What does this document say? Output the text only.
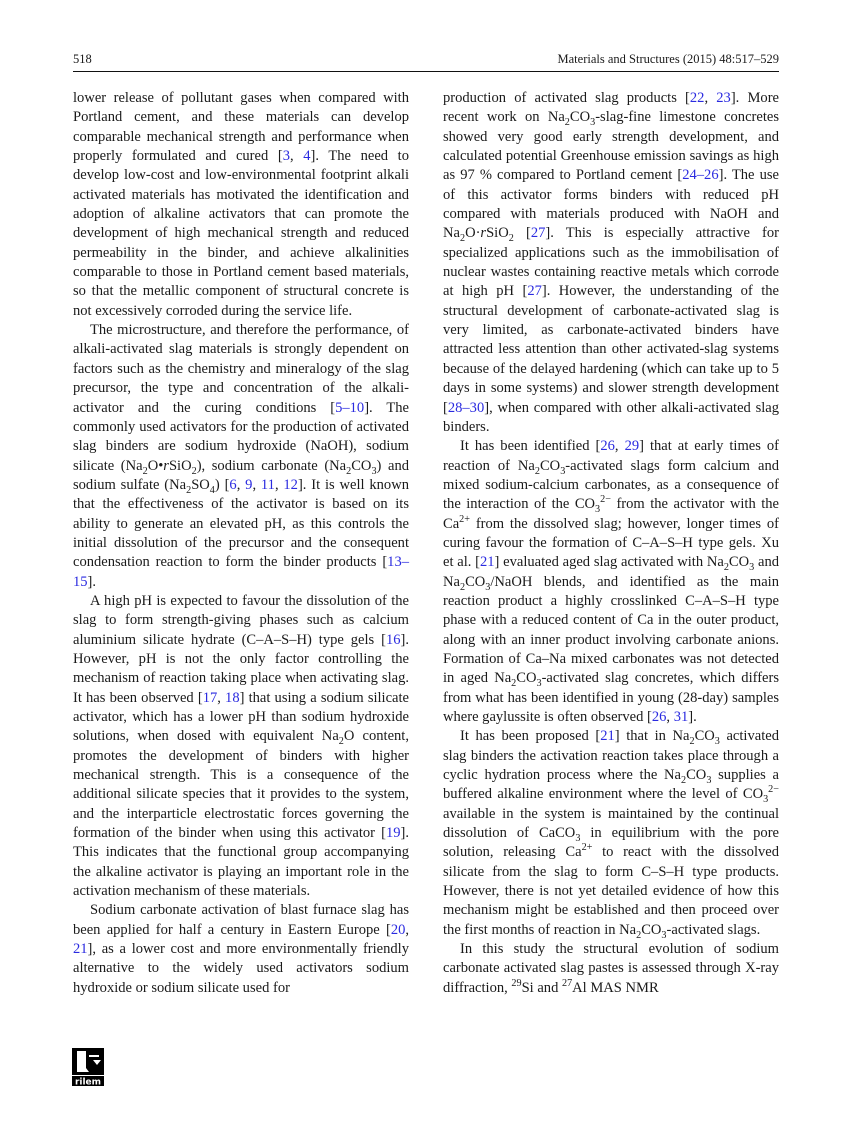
518	Materials and Structures (2015) 48:517–529

lower release of pollutant gases when compared with Portland cement, and these materials can develop comparable mechanical strength and performance when properly formulated and cured [3, 4]. The need to develop low-cost and low-environmental footprint alkali activated materials has motivated the identification and adoption of alkaline activators that can promote the development of high mechanical strength and reduced permeability in the binder, and achieve alkalinities comparable to those in Portland cement based materials, so that the metallic component of structural concrete is not excessively corroded during the service life.

The microstructure, and therefore the performance, of alkali-activated slag materials is strongly dependent on factors such as the chemistry and mineralogy of the slag precursor, the type and concentration of the alkali-activator and the curing conditions [5–10]. The commonly used activators for the production of activated slag binders are sodium hydroxide (NaOH), sodium silicate $(Na_2O•rSiO_2)$, sodium carbonate $(Na_2CO_3)$ and sodium sulfate $(Na_2SO_4)$ [6, 9, 11, 12]. It is well known that the effectiveness of the activator is based on its ability to generate an elevated pH, as this controls the initial dissolution of the precursor and the consequent condensation reaction to form the binder products [13–15].

A high pH is expected to favour the dissolution of the slag to form strength-giving phases such as calcium aluminium silicate hydrate (C–A–S–H) type gels [16]. However, pH is not the only factor controlling the mechanism of reaction taking place when activating slag. It has been observed [17, 18] that using a sodium silicate activator, which has a lower pH than sodium hydroxide solutions, when dosed with equivalent $Na_2O$ content, promotes the development of binders with higher mechanical strength. This is a consequence of the additional silicate species that it provides to the system, and the interparticle electrostatic forces governing the formation of the binder when using this activator [19]. This indicates that the functional group accompanying the alkaline activator is playing an important role in the activation mechanism of these materials.

Sodium carbonate activation of blast furnace slag has been applied for half a century in Eastern Europe [20, 21], as a lower cost and more environmentally friendly alternative to the widely used activators sodium hydroxide or sodium silicate used for

production of activated slag products [22, 23]. More recent work on $Na_2CO_3-slag$-fine limestone concretes showed very good early strength development, and calculated potential Greenhouse emission savings as high as 97 % compared to Portland cement [24–26]. The use of this activator forms binders with reduced pH compared with materials produced with NaOH and $Na_2O\cdot rSiO_2$ [27]. This is especially attractive for specialized applications such as the immobilisation of nuclear wastes containing reactive metals which corrode at high pH [27]. However, the understanding of the structural development of carbonate-activated slag is very limited, as carbonate-activated binders have attracted less attention than other activated-slag systems because of the delayed hardening (which can take up to 5 days in some systems) and slower strength development [28–30], when compared with other alkali-activated slag binders.

It has been identified [26, 29] that at early times of reaction of $Na_2CO_3$-activated slags form calcium and mixed sodium-calcium carbonates, as a consequence of the interaction of the $CO_3^{2-}$ from the activator with the $Ca^{2+}$ from the dissolved slag; however, longer times of curing favour the formation of C–A–S–H type gels. Xu et al. [21] evaluated aged slag activated with $Na_2CO_3$ and $Na_2CO_3$/NaOH blends, and identified as the main reaction product a highly crosslinked C–A–S–H type phase with a reduced content of Ca in the outer product, along with an inner product involving carbonate anions. Formation of Ca–Na mixed carbonates was not detected in aged $Na_2CO_3$-activated slag concretes, which differs from what has been identified in young (28-day) samples where gaylussite is often observed [26, 31].

It has been proposed [21] that in $Na_2CO_3$ activated slag binders the activation reaction takes place through a cyclic hydration process where the $Na_2CO_3$ supplies a buffered alkaline environment where the level of $CO_3^{2-}$ available in the system is maintained by the continual dissolution of CaCO$_3$ in equilibrium with the pore solution, releasing $Ca^{2+}$ to react with the dissolved silicate from the slag to form C–S–H type products. However, there is not yet detailed evidence of how this mechanism might be established and then proceed over the first months of reaction in $Na_2CO_3$-activated slags.

In this study the structural evolution of sodium carbonate activated slag pastes is assessed through X-ray diffraction, $^{29}$Si and $^{27}$Al MAS NMR

rilem
